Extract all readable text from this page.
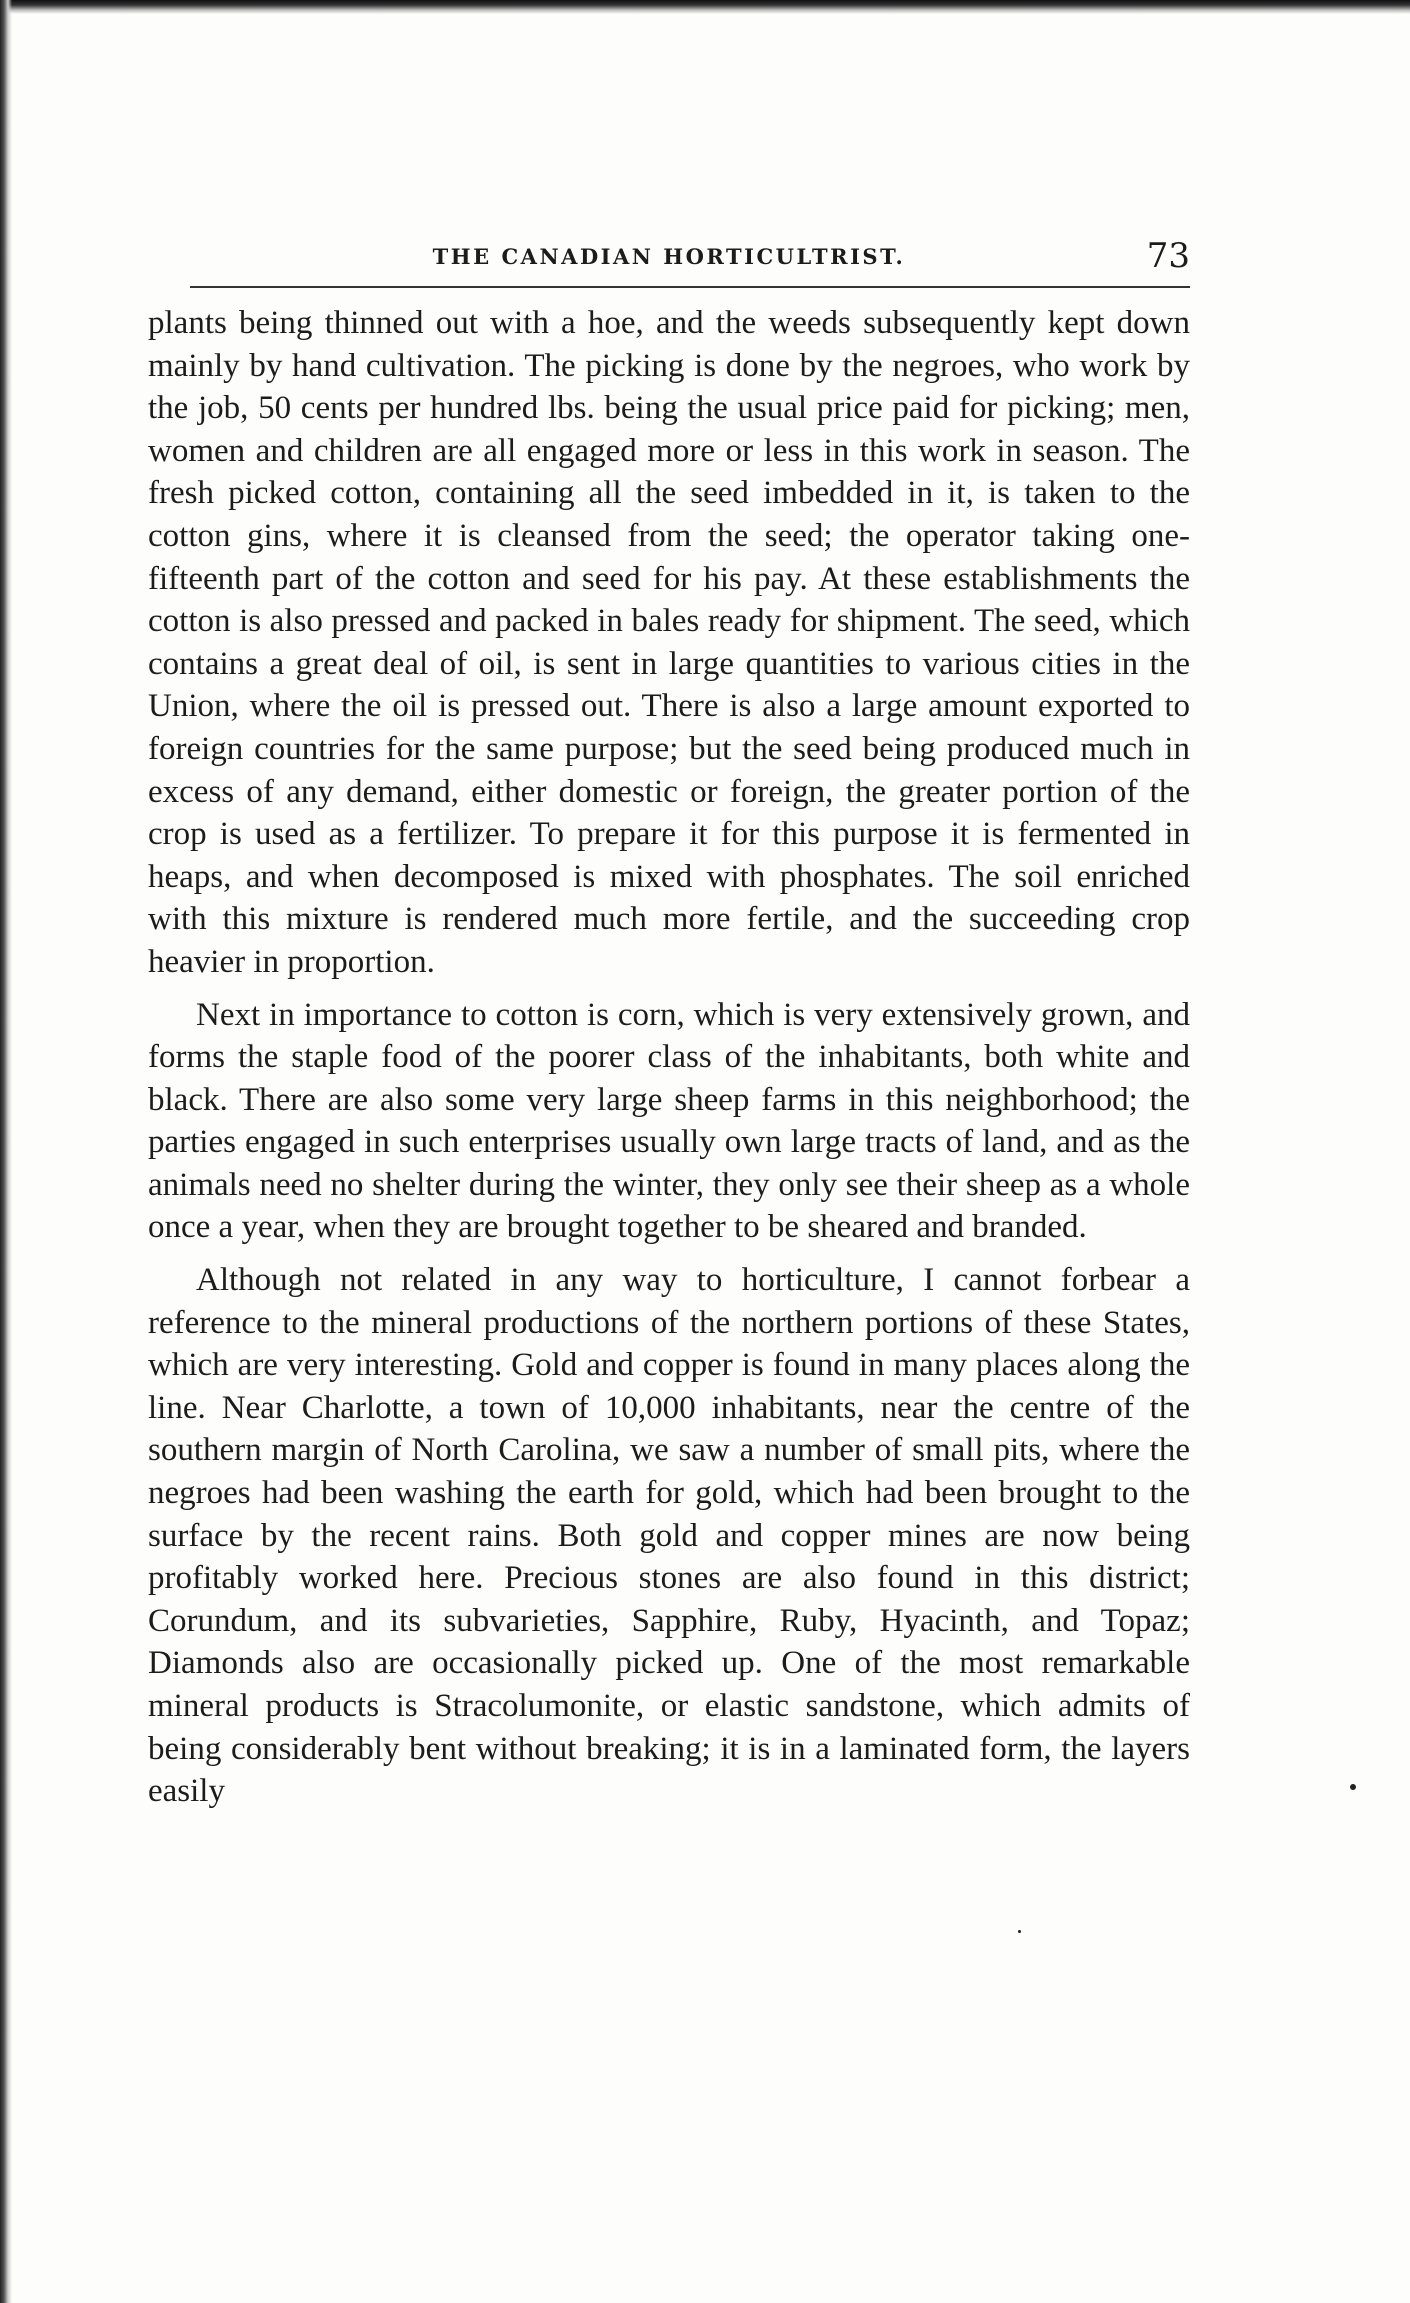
THE CANADIAN HORTICULTRIST.	73

plants being thinned out with a hoe, and the weeds subsequently kept down mainly by hand cultivation. The picking is done by the negroes, who work by the job, 50 cents per hundred lbs. being the usual price paid for picking; men, women and children are all engaged more or less in this work in season. The fresh picked cotton, containing all the seed imbedded in it, is taken to the cotton gins, where it is cleansed from the seed; the operator taking one-fifteenth part of the cotton and seed for his pay. At these establishments the cotton is also pressed and packed in bales ready for shipment. The seed, which contains a great deal of oil, is sent in large quantities to various cities in the Union, where the oil is pressed out. There is also a large amount exported to foreign countries for the same purpose; but the seed being produced much in excess of any demand, either domestic or foreign, the greater portion of the crop is used as a fertilizer. To prepare it for this purpose it is fermented in heaps, and when decomposed is mixed with phosphates. The soil enriched with this mixture is rendered much more fertile, and the succeeding crop heavier in proportion.

Next in importance to cotton is corn, which is very extensively grown, and forms the staple food of the poorer class of the inhabitants, both white and black. There are also some very large sheep farms in this neighborhood; the parties engaged in such enterprises usually own large tracts of land, and as the animals need no shelter during the winter, they only see their sheep as a whole once a year, when they are brought together to be sheared and branded.

Although not related in any way to horticulture, I cannot forbear a reference to the mineral productions of the northern portions of these States, which are very interesting. Gold and copper is found in many places along the line. Near Charlotte, a town of 10,000 inhabitants, near the centre of the southern margin of North Carolina, we saw a number of small pits, where the negroes had been washing the earth for gold, which had been brought to the surface by the recent rains. Both gold and copper mines are now being profitably worked here. Precious stones are also found in this district; Corundum, and its subvarieties, Sapphire, Ruby, Hyacinth, and Topaz; Diamonds also are occasionally picked up. One of the most remarkable mineral products is Stracolumonite, or elastic sandstone, which admits of being considerably bent without breaking; it is in a laminated form, the layers easily
